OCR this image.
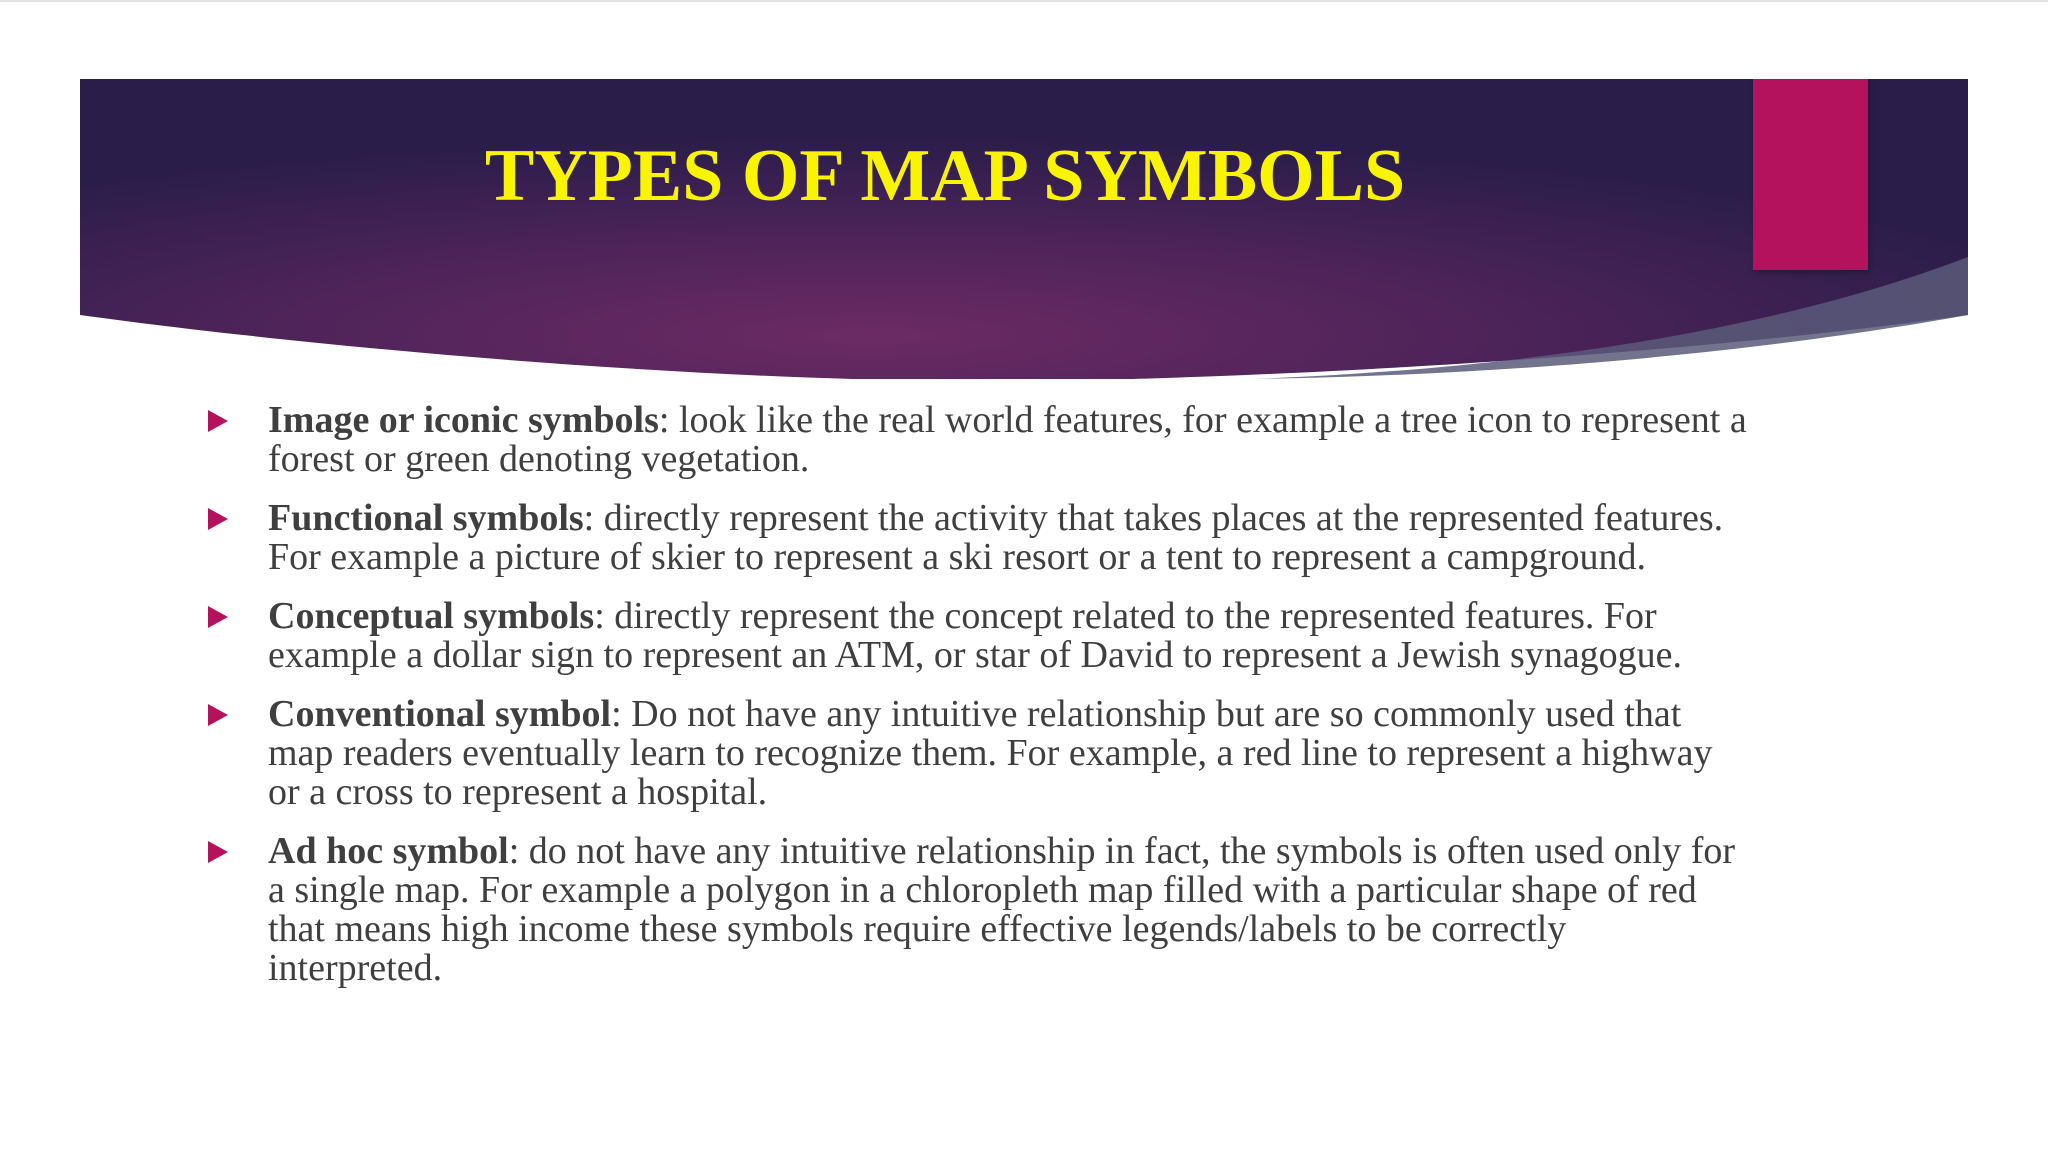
TYPES OF MAP SYMBOLS
Image or iconic symbols: look like the real world features, for example a tree icon to represent a forest or green denoting vegetation.
Functional symbols: directly represent the activity that takes places at the represented features. For example a picture of skier to represent a ski resort or a tent to represent a campground.
Conceptual symbols: directly represent the concept related to the represented features. For example a dollar sign to represent an ATM, or star of David to represent a Jewish synagogue.
Conventional symbol: Do not have any intuitive relationship but are so commonly used that map readers eventually learn to recognize them. For example, a red line to represent a highway or a cross to represent a hospital.
Ad hoc symbol: do not have any intuitive relationship in fact, the symbols is often used only for a single map. For example a polygon in a chloropleth map filled with a particular shape of red that means high income these symbols require effective legends/labels to be correctly interpreted.
